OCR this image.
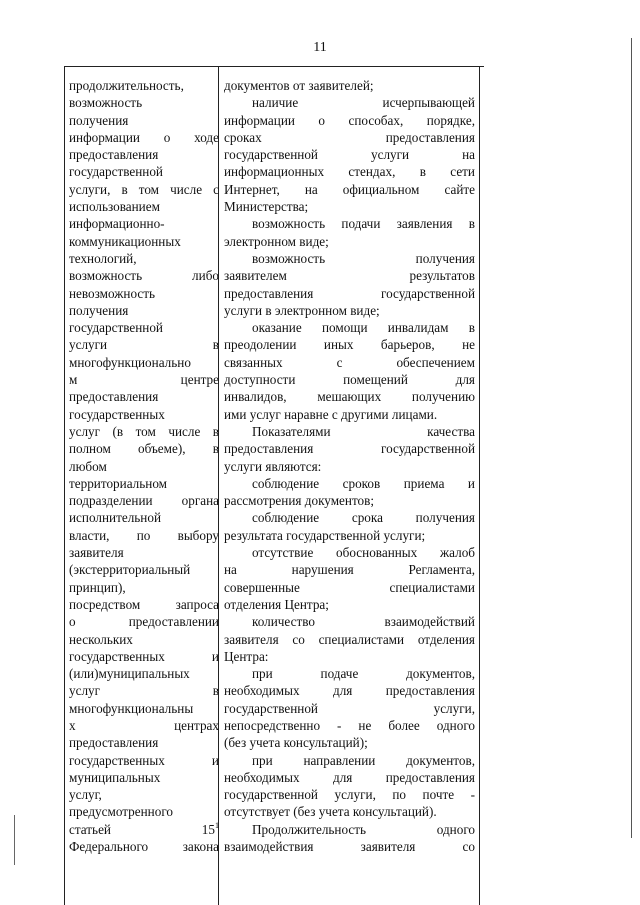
11

продолжительность,

возможность

получения

информации о ходе

предоставления

государственной

услуги, в том числе с

использованием

информационно-

коммуникационных

технологий,

возможность либо

невозможность

получения

государственной

услуги в

многофункционально

м центре

предоставления

государственных

услуг (в том числе в

полном объеме), в

любом

территориальном

подразделении органа

исполнительной

власти, по выбору

заявителя

(экстерриториальный

принцип),

посредством запроса

о предоставлении

нескольких

государственных и

(или)муниципальных

услуг в

многофункциональны

х центрах

предоставления

государственных и

муниципальных

услуг,

предусмотренного

статьей $15^1$

Федерального закона

документов от заявителей;

наличие исчерпывающей

информации о способах, порядке,

сроках предоставления

государственной услуги на

информационных стендах, в сети

Интернет, на официальном сайте

Министерства;

возможность подачи заявления в

электронном виде;

возможность получения

заявителем результатов

предоставления государственной

услуги в электронном виде;

оказание помощи инвалидам в

преодолении иных барьеров, не

связанных с обеспечением

доступности помещений для

инвалидов, мешающих получению

ими услуг наравне с другими лицами.

Показателями качества

предоставления государственной

услуги являются:

соблюдение сроков приема и

рассмотрения документов;

соблюдение срока получения

результата государственной услуги;

отсутствие обоснованных жалоб

на нарушения Регламента,

совершенные специалистами

отделения Центра;

количество взаимодействий

заявителя со специалистами отделения

Центра:

при подаче документов,

необходимых для предоставления

государственной услуги,

непосредственно - не более одного

(без учета консультаций);

при направлении документов,

необходимых для предоставления

государственной услуги, по почте -

отсутствует (без учета консультаций).

Продолжительность одного

взаимодействия заявителя со
